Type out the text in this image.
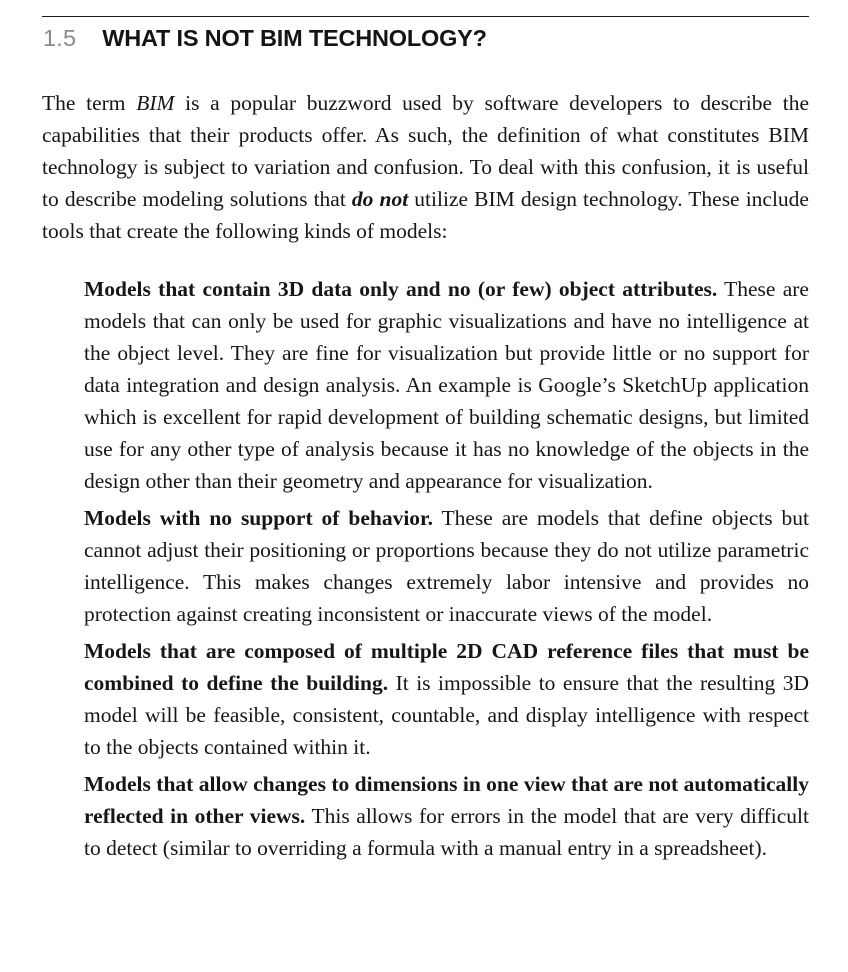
1.5 WHAT IS NOT BIM TECHNOLOGY?

The term BIM is a popular buzzword used by software developers to describe the capabilities that their products offer. As such, the definition of what constitutes BIM technology is subject to variation and confusion. To deal with this confusion, it is useful to describe modeling solutions that do not utilize BIM design technology. These include tools that create the following kinds of models:

Models that contain 3D data only and no (or few) object attributes. These are models that can only be used for graphic visualizations and have no intelligence at the object level. They are fine for visualization but provide little or no support for data integration and design analysis. An example is Google’s SketchUp application which is excellent for rapid development of building schematic designs, but limited use for any other type of analysis because it has no knowledge of the objects in the design other than their geometry and appearance for visualization.

Models with no support of behavior. These are models that define objects but cannot adjust their positioning or proportions because they do not utilize parametric intelligence. This makes changes extremely labor intensive and provides no protection against creating inconsistent or inaccurate views of the model.

Models that are composed of multiple 2D CAD reference files that must be combined to define the building. It is impossible to ensure that the resulting 3D model will be feasible, consistent, countable, and display intelligence with respect to the objects contained within it.

Models that allow changes to dimensions in one view that are not automatically reflected in other views. This allows for errors in the model that are very difficult to detect (similar to overriding a formula with a manual entry in a spreadsheet).
